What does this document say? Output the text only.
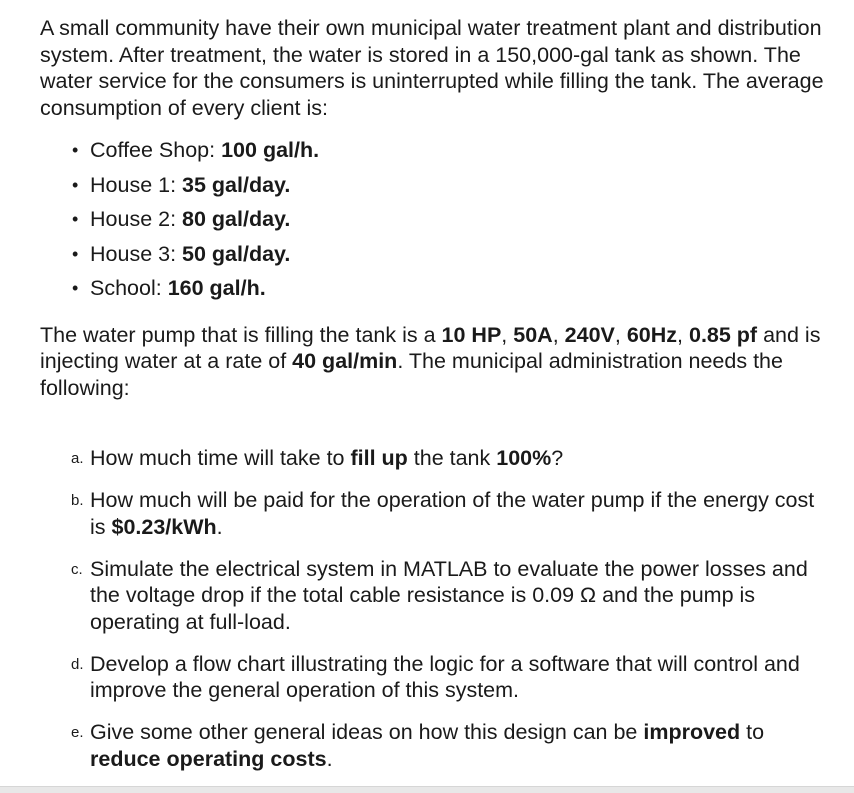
A small community have their own municipal water treatment plant and distribution system. After treatment, the water is stored in a 150,000-gal tank as shown. The water service for the consumers is uninterrupted while filling the tank. The average consumption of every client is:

• Coffee Shop: 100 gal/h.
• House 1: 35 gal/day.
• House 2: 80 gal/day.
• House 3: 50 gal/day.
• School: 160 gal/h.

The water pump that is filling the tank is a 10 HP, 50A, 240V, 60Hz, 0.85 pf and is injecting water at a rate of 40 gal/min. The municipal administration needs the following:

a. How much time will take to fill up the tank 100%?
b. How much will be paid for the operation of the water pump if the energy cost is $0.23/kWh.
c. Simulate the electrical system in MATLAB to evaluate the power losses and the voltage drop if the total cable resistance is 0.09 Ω and the pump is operating at full-load.
d. Develop a flow chart illustrating the logic for a software that will control and improve the general operation of this system.
e. Give some other general ideas on how this design can be improved to reduce operating costs.
